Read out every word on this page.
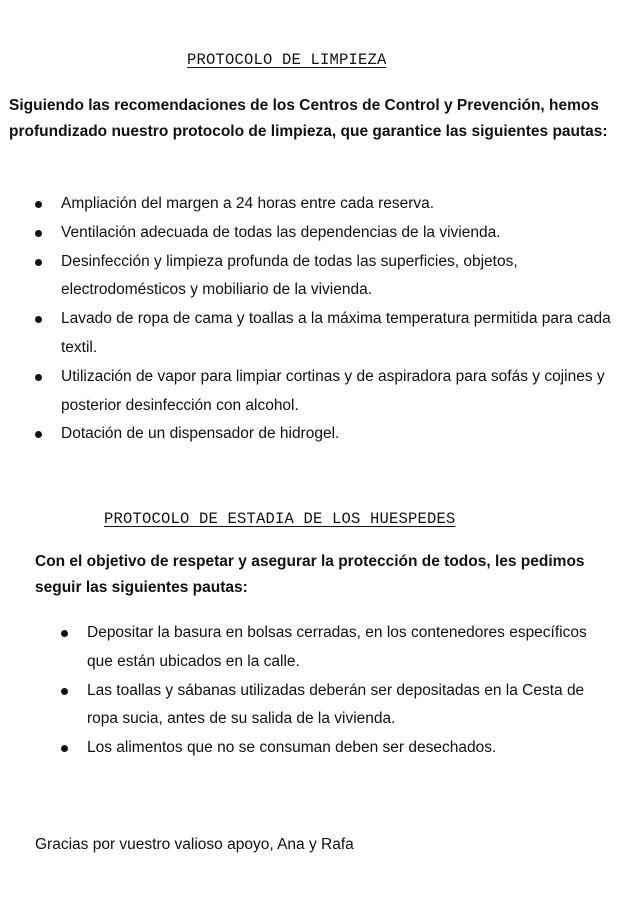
PROTOCOLO DE LIMPIEZA

Siguiendo las recomendaciones de los Centros de Control y Prevención, hemos profundizado nuestro protocolo de limpieza, que garantice las siguientes pautas:

Ampliación del margen a 24 horas entre cada reserva.
Ventilación adecuada de todas las dependencias de la vivienda.
Desinfección y limpieza profunda de todas las superficies, objetos, electrodomésticos y mobiliario de la vivienda.
Lavado de ropa de cama y toallas a la máxima temperatura permitida para cada textil.
Utilización de vapor para limpiar cortinas y de aspiradora para sofás y cojines y posterior desinfección con alcohol.
Dotación de un dispensador de hidrogel.
PROTOCOLO DE ESTADIA DE LOS HUESPEDES

Con el objetivo de respetar y asegurar la protección de todos, les pedimos seguir las siguientes pautas:

Depositar la basura en bolsas cerradas, en los contenedores específicos que están ubicados en la calle.
Las toallas y sábanas utilizadas deberán ser depositadas en la Cesta de ropa sucia, antes de su salida de la vivienda.
Los alimentos que no se consuman deben ser desechados.

Gracias por vuestro valioso apoyo, Ana y Rafa
